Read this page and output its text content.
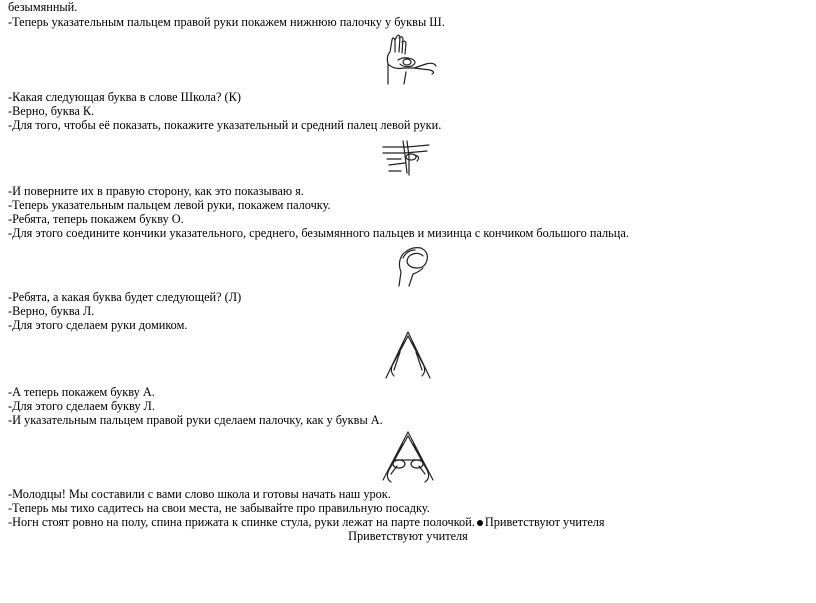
безымянный.
-Теперь указательным пальцем правой руки покажем нижнюю палочку у буквы Ш.
-Какая следующая буква в слове Школа? (К)
-Верно, буква К.
-Для того, чтобы её показать, покажите указательный и средний палец левой руки.
-И поверните их в правую сторону, как это показываю я.
-Теперь указательным пальцем левой руки, покажем палочку.
-Ребята, теперь покажем букву О.
-Для этого соедините кончики указательного, среднего, безымянного пальцев и мизинца с кончиком большого пальца.
-Ребята, а какая буква будет следующей? (Л)
-Верно, буква Л.
-Для этого сделаем руки домиком.
-А теперь покажем букву А.
-Для этого сделаем букву Л.
-И указательным пальцем правой руки сделаем палочку, как у буквы А.
-Молодцы! Мы составили с вами слово школа и готовы начать наш урок.
-Теперь мы тихо садитесь на свои места, не забывайте про правильную посадку.
-Ногн стоят ровно на полу, спина прижата к спинке стула, руки лежат на парте полочкой. Приветствуют учителя
Приветствуют учителя
